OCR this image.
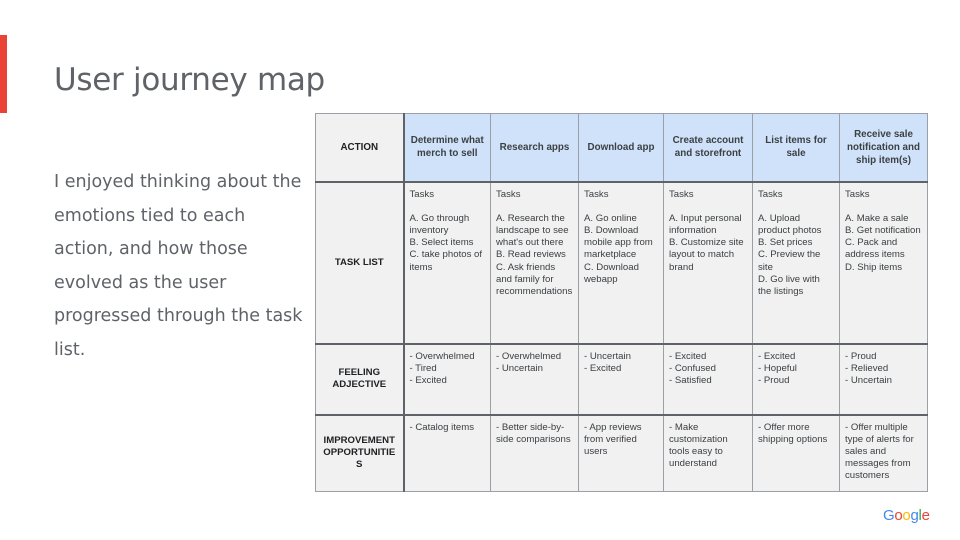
User journey map

I enjoyed thinking about the emotions tied to each action, and how those evolved as the user progressed through the task list.

ACTION	Determine what merch to sell	Research apps	Download app	Create account and storefront	List items for sale	Receive sale notification and ship item(s)
TASK LIST	Tasks
A. Go through inventory
B. Select items
C. take photos of items	Tasks
A. Research the landscape to see what's out there
B. Read reviews
C. Ask friends and family for recommendations	Tasks
A. Go online
B. Download mobile app from marketplace
C. Download webapp	Tasks
A. Input personal information
B. Customize site layout to match brand	Tasks
A. Upload product photos
B. Set prices
C. Preview the site
D. Go live with the listings	Tasks
A. Make a sale
B. Get notification
C. Pack and address items
D. Ship items

FEELING ADJECTIVE	- Overwhelmed
- Tired
- Excited	- Overwhelmed
- Uncertain	- Uncertain
- Excited	- Excited
- Confused
- Satisfied	- Excited
- Hopeful
- Proud	- Proud
- Relieved
- Uncertain

IMPROVEMENT OPPORTUNITIES	- Catalog items	- Better side-by-side comparisons	- App reviews from verified users	- Make customization tools easy to understand	- Offer more shipping options	- Offer multiple type of alerts for sales and messages from customers
Google
